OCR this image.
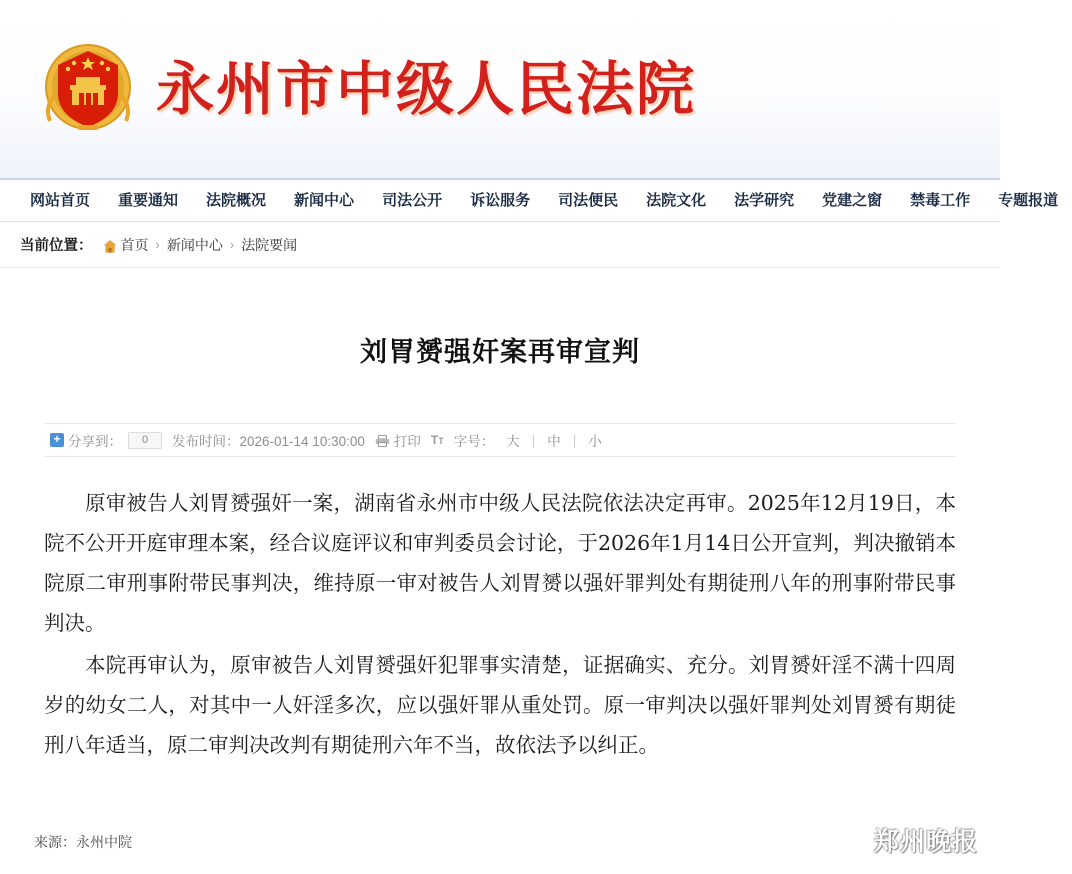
永州市中级人民法院
网站首页	重要通知	法院概况	新闻中心	司法公开	诉讼服务	司法便民	法院文化	法学研究	党建之窗	禁毒工作	专题报道
当前位置： 首页 › 新闻中心 › 法院要闻
刘胃赟强奸案再审宣判
+ 分享到：	0	发布时间：2026-01-14 10:30:00 打印 TT 字号： 大 | 中 | 小

原审被告人刘胃赟强奸一案，湖南省永州市中级人民法院依法决定再审。2025年12月19日，本院不公开开庭审理本案，经合议庭评议和审判委员会讨论，于2026年1月14日公开宣判，判决撤销本院原二审刑事附带民事判决，维持原一审对被告人刘胃赟以强奸罪判处有期徒刑八年的刑事附带民事判决。

本院再审认为，原审被告人刘胃赟强奸犯罪事实清楚，证据确实、充分。刘胃赟奸淫不满十四周岁的幼女二人，对其中一人奸淫多次，应以强奸罪从重处罚。原一审判决以强奸罪判处刘胃赟有期徒刑八年适当，原二审判决改判有期徒刑六年不当，故依法予以纠正。

来源：永州中院	郑州晚报
